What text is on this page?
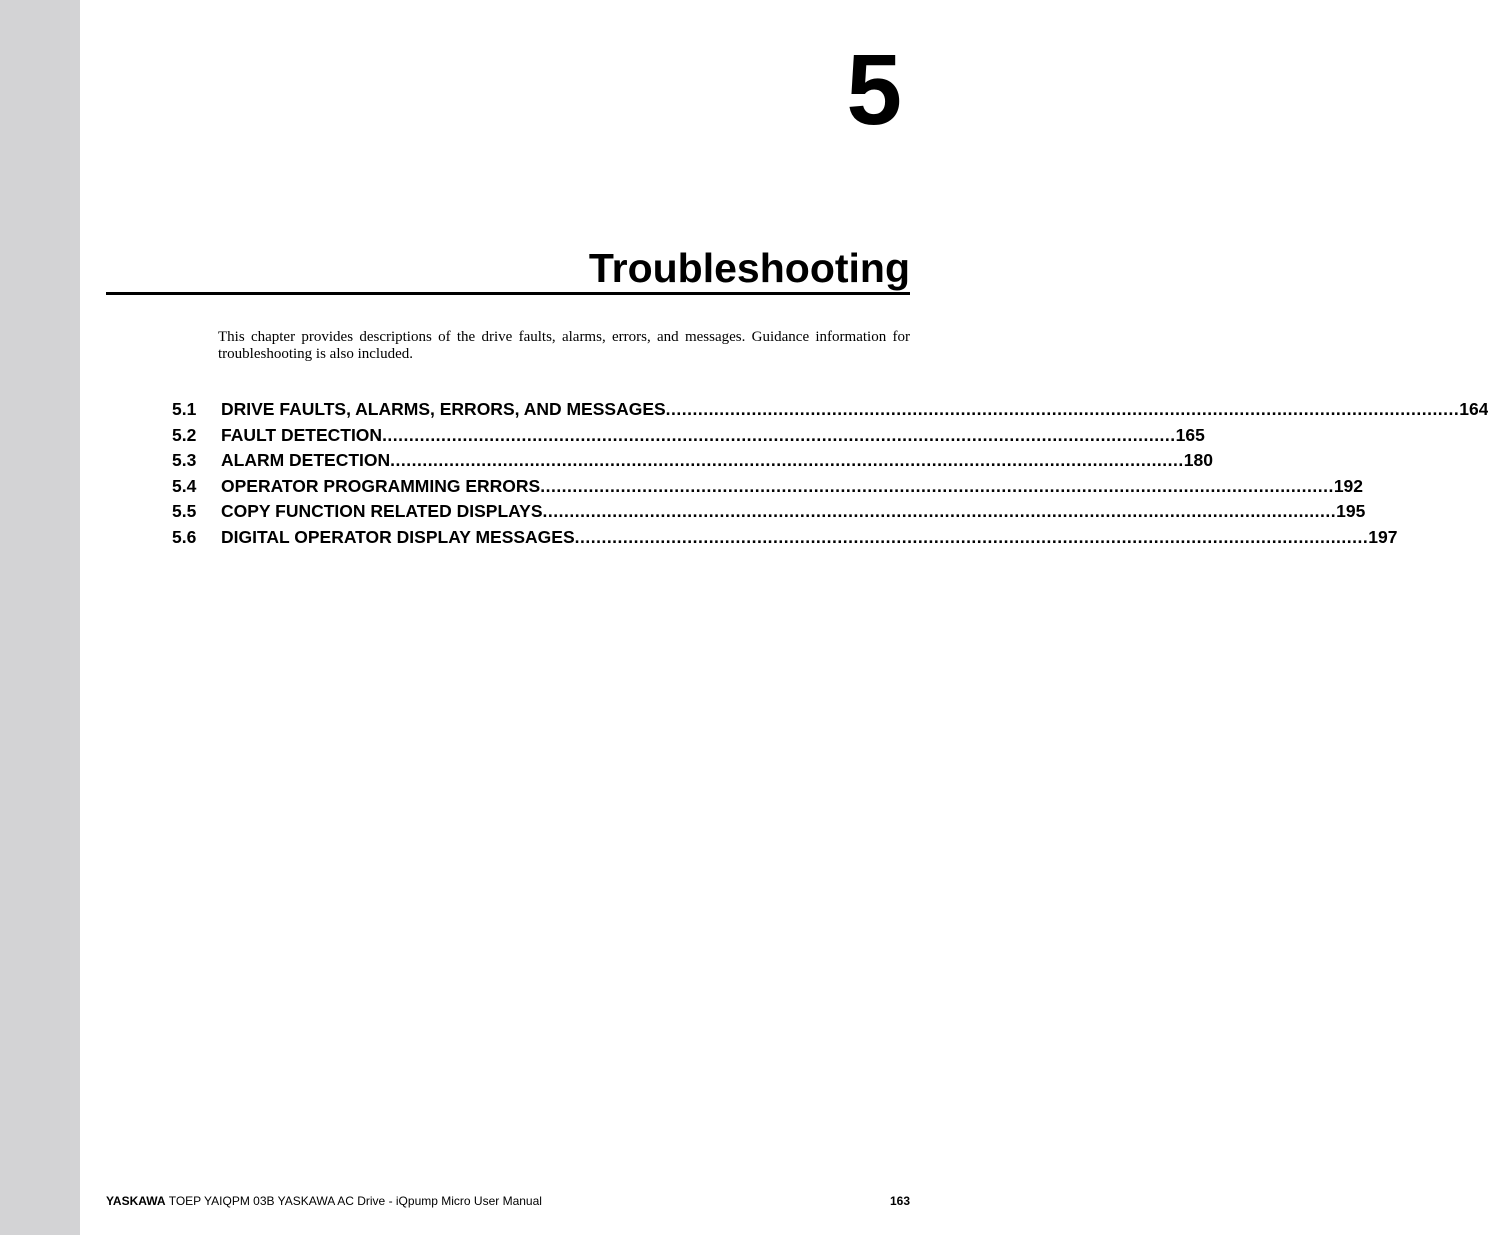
5
Troubleshooting

This chapter provides descriptions of the drive faults, alarms, errors, and messages. Guidance information for troubleshooting is also included.

5.1	DRIVE FAULTS, ALARMS, ERRORS, AND MESSAGES .................................................................................................................................................... 164
5.2	FAULT DETECTION .................................................................................................................................................... 165
5.3	ALARM DETECTION .................................................................................................................................................... 180
5.4	OPERATOR PROGRAMMING ERRORS .................................................................................................................................................... 192
5.5	COPY FUNCTION RELATED DISPLAYS .................................................................................................................................................... 195
5.6	DIGITAL OPERATOR DISPLAY MESSAGES .................................................................................................................................................... 197
YASKAWA TOEP YAIQPM 03B YASKAWA AC Drive - iQpump Micro User Manual	163
